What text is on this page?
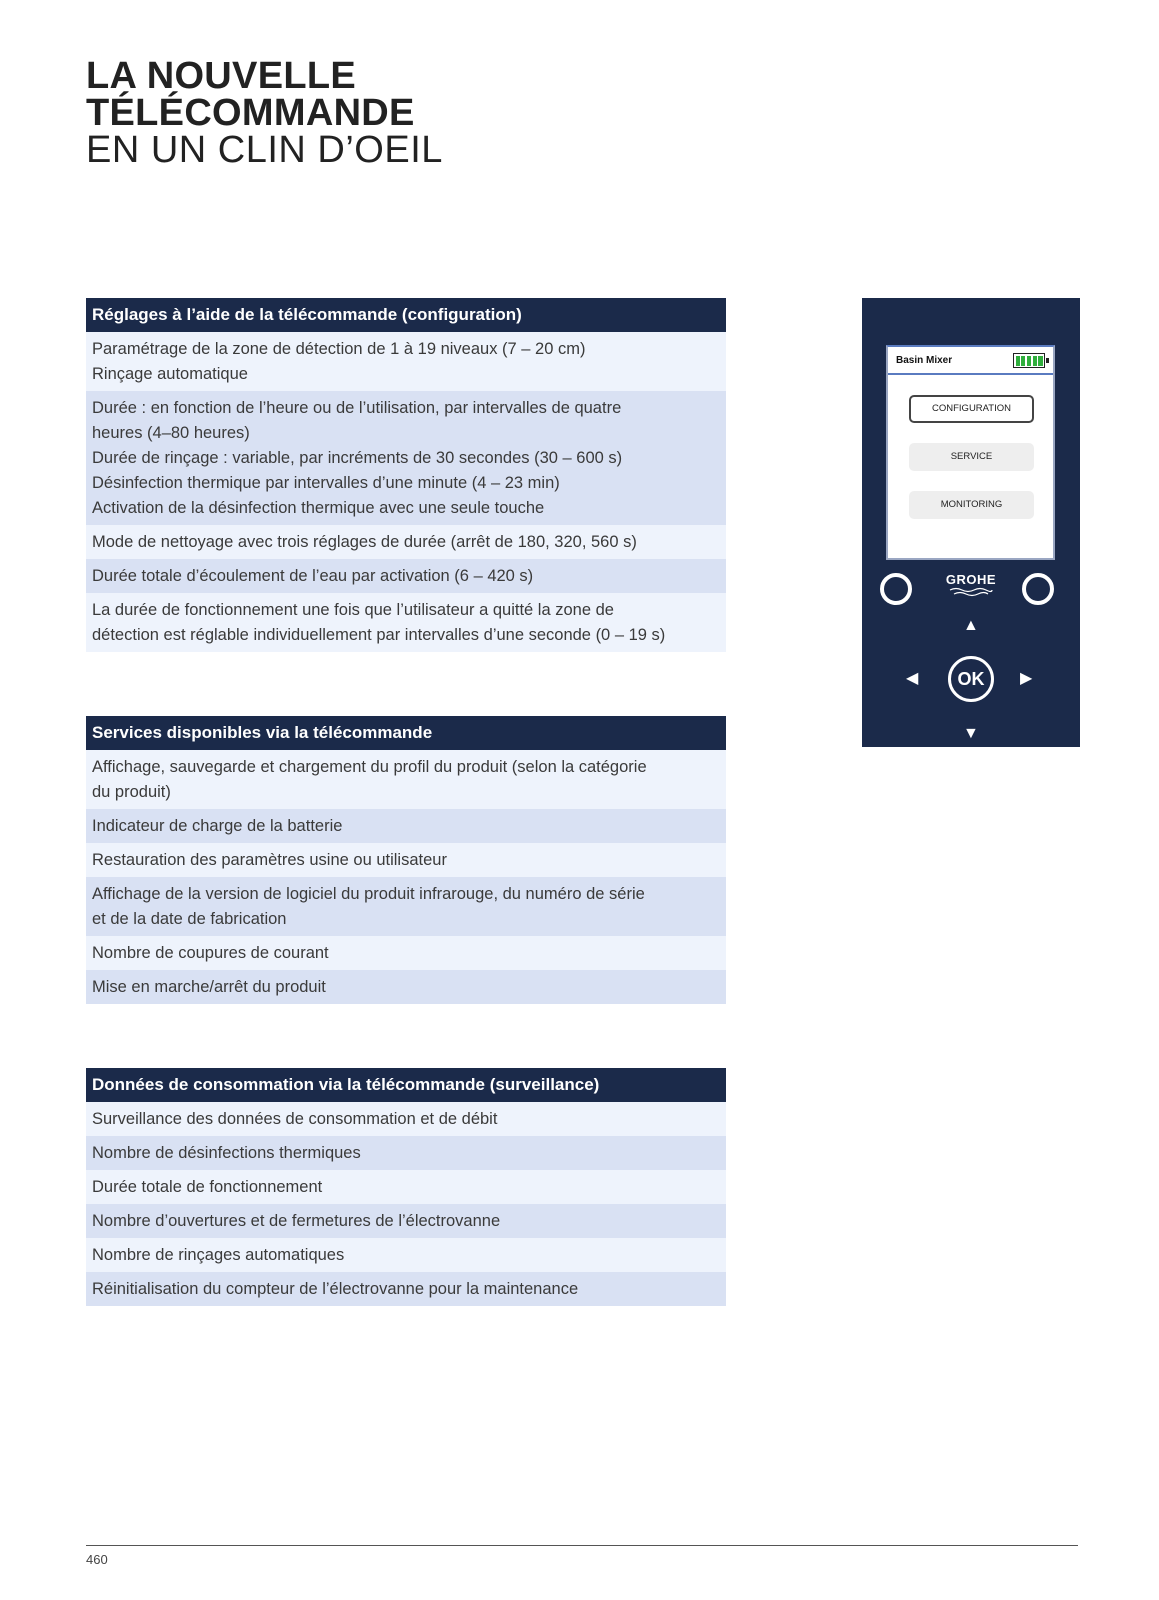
LA NOUVELLE
TÉLÉCOMMANDE
EN UN CLIN D’OEIL
Réglages à l’aide de la télécommande (configuration)
Paramétrage de la zone de détection de 1 à 19 niveaux (7 – 20 cm)
Rinçage automatique
Durée : en fonction de l’heure ou de l’utilisation, par intervalles de quatre
heures (4–80 heures)
Durée de rinçage : variable, par incréments de 30 secondes (30 – 600 s)
Désinfection thermique par intervalles d’une minute (4 – 23 min)
Activation de la désinfection thermique avec une seule touche
Mode de nettoyage avec trois réglages de durée (arrêt de 180, 320, 560 s)
Durée totale d’écoulement de l’eau par activation (6 – 420 s)
La durée de fonctionnement une fois que l’utilisateur a quitté la zone de
détection est réglable individuellement par intervalles d’une seconde (0 – 19 s)
Services disponibles via la télécommande
Affichage, sauvegarde et chargement du profil du produit (selon la catégorie
du produit)
Indicateur de charge de la batterie
Restauration des paramètres usine ou utilisateur
Affichage de la version de logiciel du produit infrarouge, du numéro de série
et de la date de fabrication
Nombre de coupures de courant
Mise en marche/arrêt du produit
Données de consommation via la télécommande (surveillance)
Surveillance des données de consommation et de débit
Nombre de désinfections thermiques
Durée totale de fonctionnement
Nombre d’ouvertures et de fermetures de l’électrovanne
Nombre de rinçages automatiques
Réinitialisation du compteur de l’électrovanne pour la maintenance
Basin Mixer
CONFIGURATION
SERVICE
MONITORING
GROHE
▲
◀	▶
▼
OK
460
